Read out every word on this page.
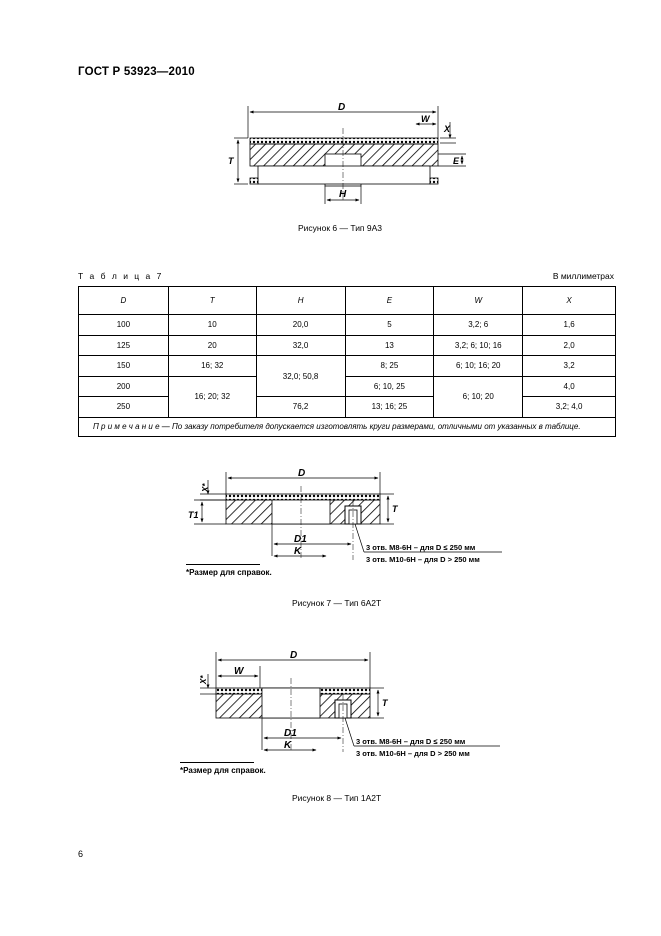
ГОСТ Р 53923—2010
D
W
X
T	E
H
Рисунок 6 — Тип 9А3
Т а б л и ц а 7	В миллиметрах
D	T	H	E	W	X
100	10	20,0	5	3,2; 6	1,6
125	20	32,0	13	3,2; 6; 10; 16	2,0
150	16; 32	32,0; 50,8	8; 25	6; 10; 16; 20	3,2
200	16; 20; 32		6; 10, 25	6; 10; 20	4,0
250		76,2	13; 16; 25		3,2; 4,0
П р и м е ч а н и е — По заказу потребителя допускается изготовлять круги размерами, отличными от указанных в таблице.					
D
X*
T1
T
D1
K	3 отв. М8-6Н – для D ≤ 250 мм
3 отв. М10-6Н – для D > 250 мм
*Размер для справок.
Рисунок 7 — Тип 6А2Т
D
W
X*
T
D1
K	3 отв. М8-6Н – для D ≤ 250 мм
3 отв. М10-6Н – для D > 250 мм
*Размер для справок.
Рисунок 8 — Тип 1А2Т
6
